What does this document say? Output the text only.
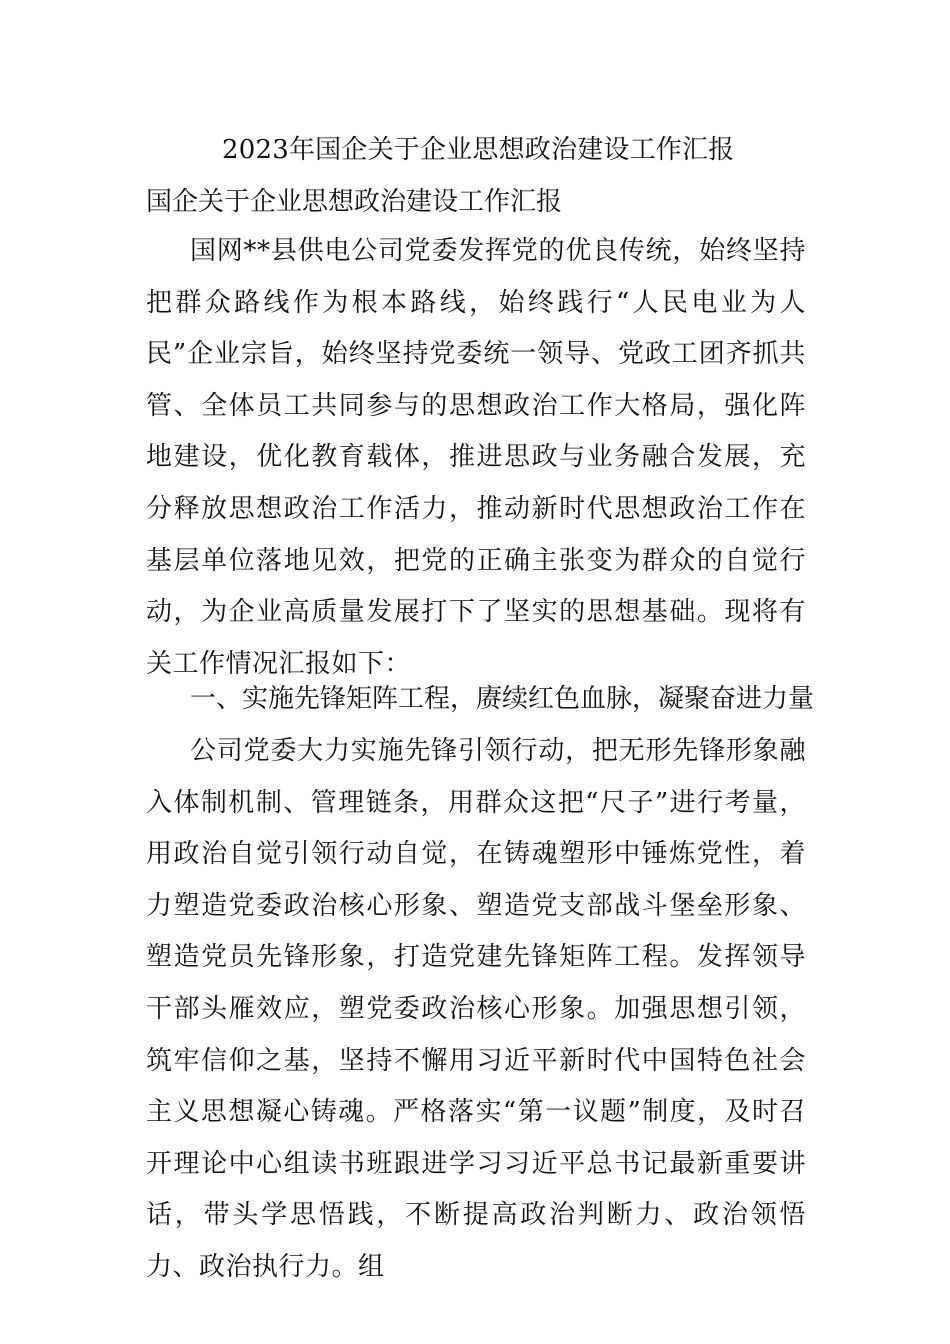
2023年国企关于企业思想政治建设工作汇报
国企关于企业思想政治建设工作汇报

国网**县供电公司党委发挥党的优良传统，始终坚持把群众路线作为根本路线，始终践行“人民电业为人民”企业宗旨，始终坚持党委统一领导、党政工团齐抓共管、全体员工共同参与的思想政治工作大格局，强化阵地建设，优化教育载体，推进思政与业务融合发展，充分释放思想政治工作活力，推动新时代思想政治工作在基层单位落地见效，把党的正确主张变为群众的自觉行动，为企业高质量发展打下了坚实的思想基础。现将有关工作情况汇报如下：

一、实施先锋矩阵工程，赓续红色血脉，凝聚奋进力量

公司党委大力实施先锋引领行动，把无形先锋形象融入体制机制、管理链条，用群众这把“尺子”进行考量，用政治自觉引领行动自觉，在铸魂塑形中锤炼党性，着力塑造党委政治核心形象、塑造党支部战斗堡垒形象、塑造党员先锋形象，打造党建先锋矩阵工程。发挥领导干部头雁效应，塑党委政治核心形象。加强思想引领，筑牢信仰之基，坚持不懈用习近平新时代中国特色社会主义思想凝心铸魂。严格落实“第一议题”制度，及时召开理论中心组读书班跟进学习习近平总书记最新重要讲话，带头学思悟践，不断提高政治判断力、政治领悟力、政治执行力。组
